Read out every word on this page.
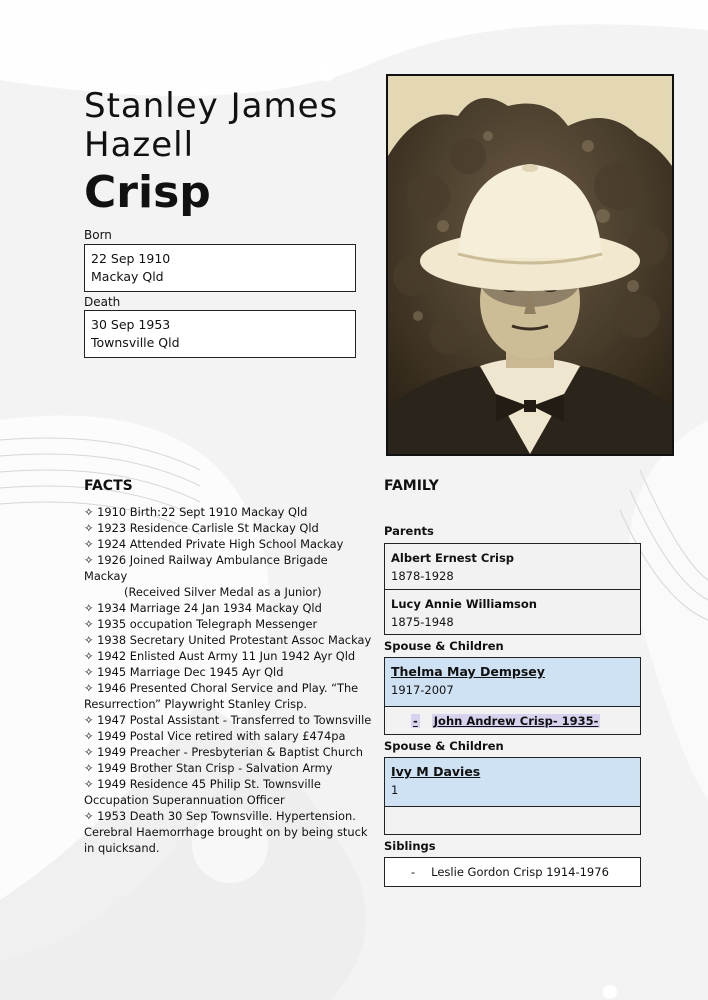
Stanley James
Hazell
Crisp
Born
22 Sep 1910
Mackay Qld
Death
30 Sep 1953
Townsville Qld
FACTS
✧ 1910 Birth:22 Sept 1910 Mackay Qld
✧ 1923 Residence Carlisle St Mackay Qld
✧ 1924 Attended Private High School Mackay
✧ 1926 Joined Railway Ambulance Brigade
Mackay
(Received Silver Medal as a Junior)
✧ 1934 Marriage 24 Jan 1934 Mackay Qld
✧ 1935 occupation Telegraph Messenger
✧ 1938 Secretary United Protestant Assoc Mackay
✧ 1942 Enlisted Aust Army 11 Jun 1942 Ayr Qld
✧ 1945 Marriage Dec 1945 Ayr Qld
✧ 1946 Presented Choral Service and Play. “The
Resurrection” Playwright Stanley Crisp.
✧ 1947 Postal Assistant - Transferred to Townsville
✧ 1949 Postal Vice retired with salary £474pa
✧ 1949 Preacher - Presbyterian & Baptist Church
✧ 1949 Brother Stan Crisp - Salvation Army
✧ 1949 Residence 45 Philip St. Townsville
Occupation Superannuation Officer
✧ 1953 Death 30 Sep Townsville. Hypertension.
Cerebral Haemorrhage brought on by being stuck
in quicksand.
FAMILY
Parents
Albert Ernest Crisp
1878-1928
Lucy Annie Williamson
1875-1948
Spouse & Children
Thelma May Dempsey
1917-2007
- John Andrew Crisp- 1935-
Spouse & Children
Ivy M Davies
1
Siblings
- Leslie Gordon Crisp 1914-1976
